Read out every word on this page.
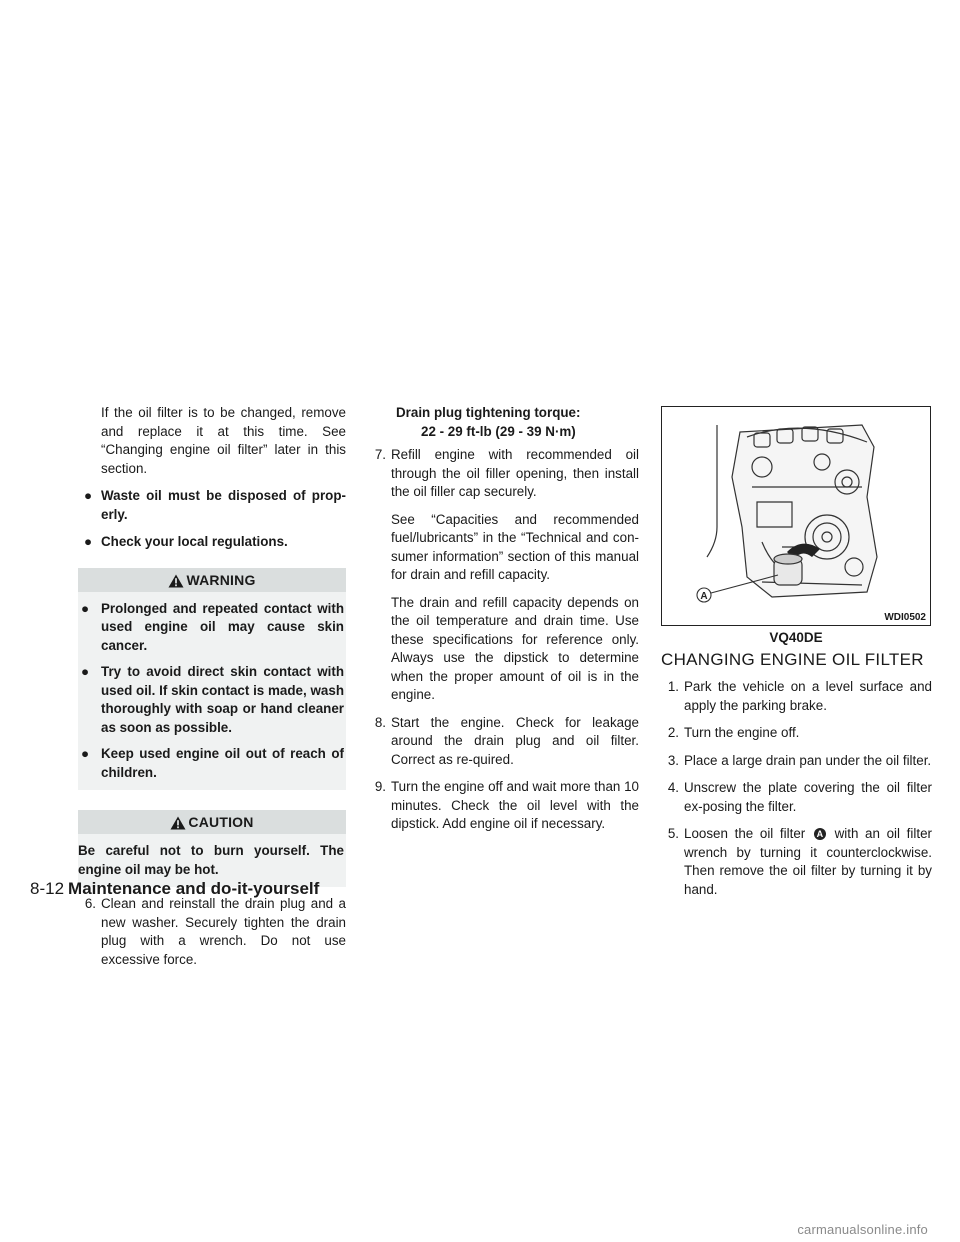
If the oil filter is to be changed, remove and replace it at this time. See “Changing engine oil filter” later in this section.

● Waste oil must be disposed of prop-erly.
● Check your local regulations.
WARNING
● Prolonged and repeated contact with used engine oil may cause skin cancer.
● Try to avoid direct skin contact with used oil. If skin contact is made, wash thoroughly with soap or hand cleaner as soon as possible.
● Keep used engine oil out of reach of children.
CAUTION

Be careful not to burn yourself. The engine oil may be hot.

6. Clean and reinstall the drain plug and a new washer. Securely tighten the drain plug with a wrench. Do not use excessive force.

Drain plug tightening torque:

22 - 29 ft-lb (29 - 39 N·m)

7. Refill engine with recommended oil through the oil filler opening, then install the oil filler cap securely.

See “Capacities and recommended fuel/lubricants” in the “Technical and con-sumer information” section of this manual for drain and refill capacity.

The drain and refill capacity depends on the oil temperature and drain time. Use these specifications for reference only. Always use the dipstick to determine when the proper amount of oil is in the engine.

8. Start the engine. Check for leakage around the drain plug and oil filter. Correct as re-quired.
9. Turn the engine off and wait more than 10 minutes. Check the oil level with the dipstick. Add engine oil if necessary.
A
WDI0502
VQ40DE
CHANGING ENGINE OIL FILTER
1. Park the vehicle on a level surface and apply the parking brake.
2. Turn the engine off.
3. Place a large drain pan under the oil filter.
4. Unscrew the plate covering the oil filter ex-posing the filter.
5. Loosen the oil filter A with an oil filter wrench by turning it counterclockwise. Then remove the oil filter by turning it by hand.
8-12 Maintenance and do-it-yourself
carmanualsonline.info
